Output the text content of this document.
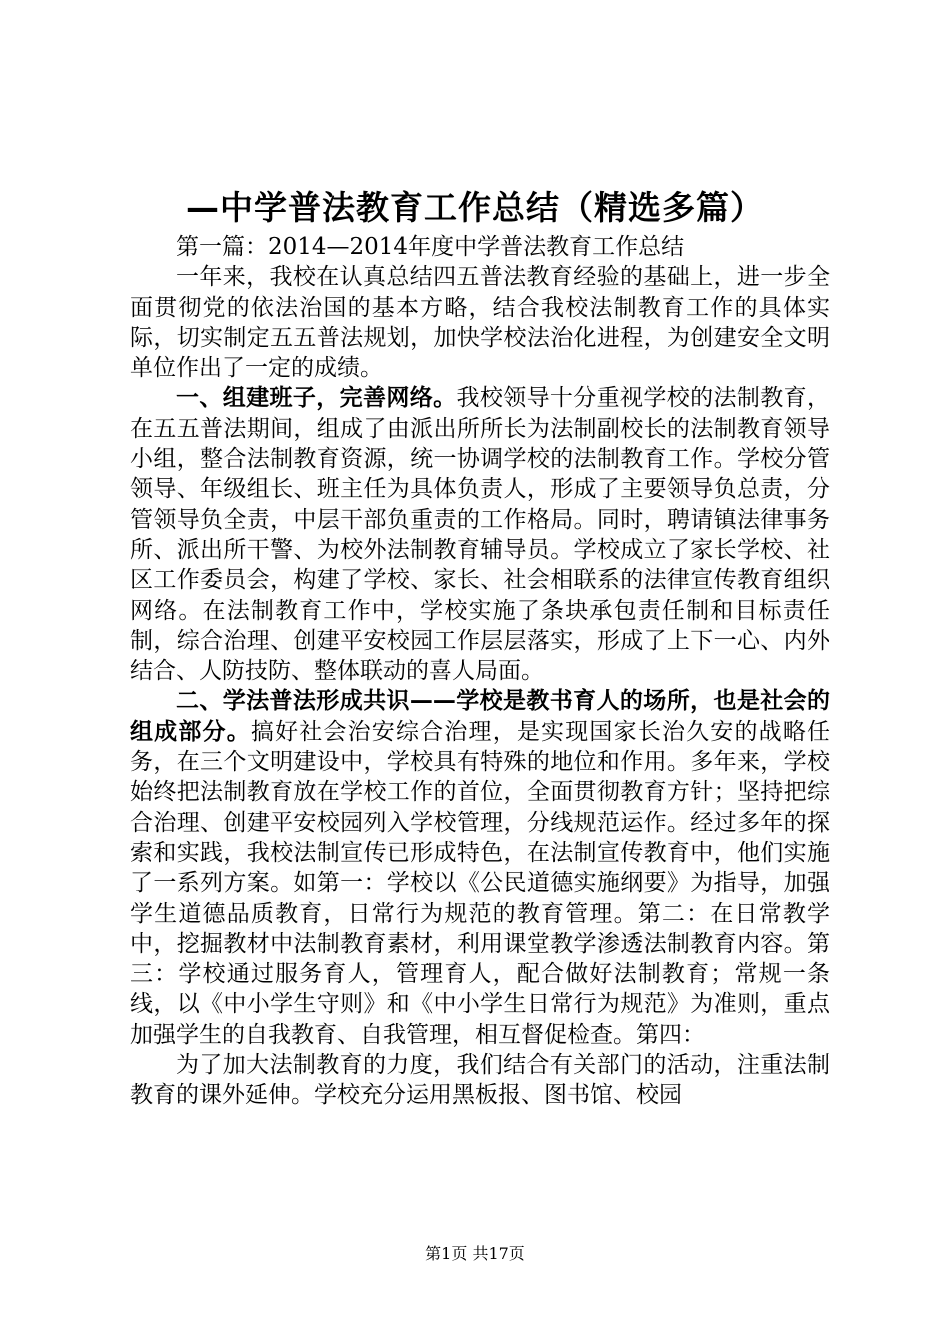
—中学普法教育工作总结（精选多篇）

第一篇：2014—2014年度中学普法教育工作总结

一年来，我校在认真总结四五普法教育经验的基础上，进一步全面贯彻党的依法治国的基本方略，结合我校法制教育工作的具体实际，切实制定五五普法规划，加快学校法治化进程，为创建安全文明单位作出了一定的成绩。

一、组建班子，完善网络。我校领导十分重视学校的法制教育，在五五普法期间，组成了由派出所所长为法制副校长的法制教育领导小组，整合法制教育资源，统一协调学校的法制教育工作。学校分管领导、年级组长、班主任为具体负责人，形成了主要领导负总责，分管领导负全责，中层干部负重责的工作格局。同时，聘请镇法律事务所、派出所干警、为校外法制教育辅导员。学校成立了家长学校、社区工作委员会，构建了学校、家长、社会相联系的法律宣传教育组织网络。在法制教育工作中，学校实施了条块承包责任制和目标责任制，综合治理、创建平安校园工作层层落实，形成了上下一心、内外结合、人防技防、整体联动的喜人局面。

二、学法普法形成共识——学校是教书育人的场所，也是社会的组成部分。搞好社会治安综合治理，是实现国家长治久安的战略任务，在三个文明建设中，学校具有特殊的地位和作用。多年来，学校始终把法制教育放在学校工作的首位，全面贯彻教育方针；坚持把综合治理、创建平安校园列入学校管理，分线规范运作。经过多年的探索和实践，我校法制宣传已形成特色，在法制宣传教育中，他们实施了一系列方案。如第一：学校以《公民道德实施纲要》为指导，加强学生道德品质教育，日常行为规范的教育管理。第二：在日常教学中，挖掘教材中法制教育素材，利用课堂教学渗透法制教育内容。第三：学校通过服务育人，管理育人，配合做好法制教育；常规一条线，以《中小学生守则》和《中小学生日常行为规范》为准则，重点加强学生的自我教育、自我管理，相互督促检查。第四：

为了加大法制教育的力度，我们结合有关部门的活动，注重法制教育的课外延伸。学校充分运用黑板报、图书馆、校园

第1页 共17页
